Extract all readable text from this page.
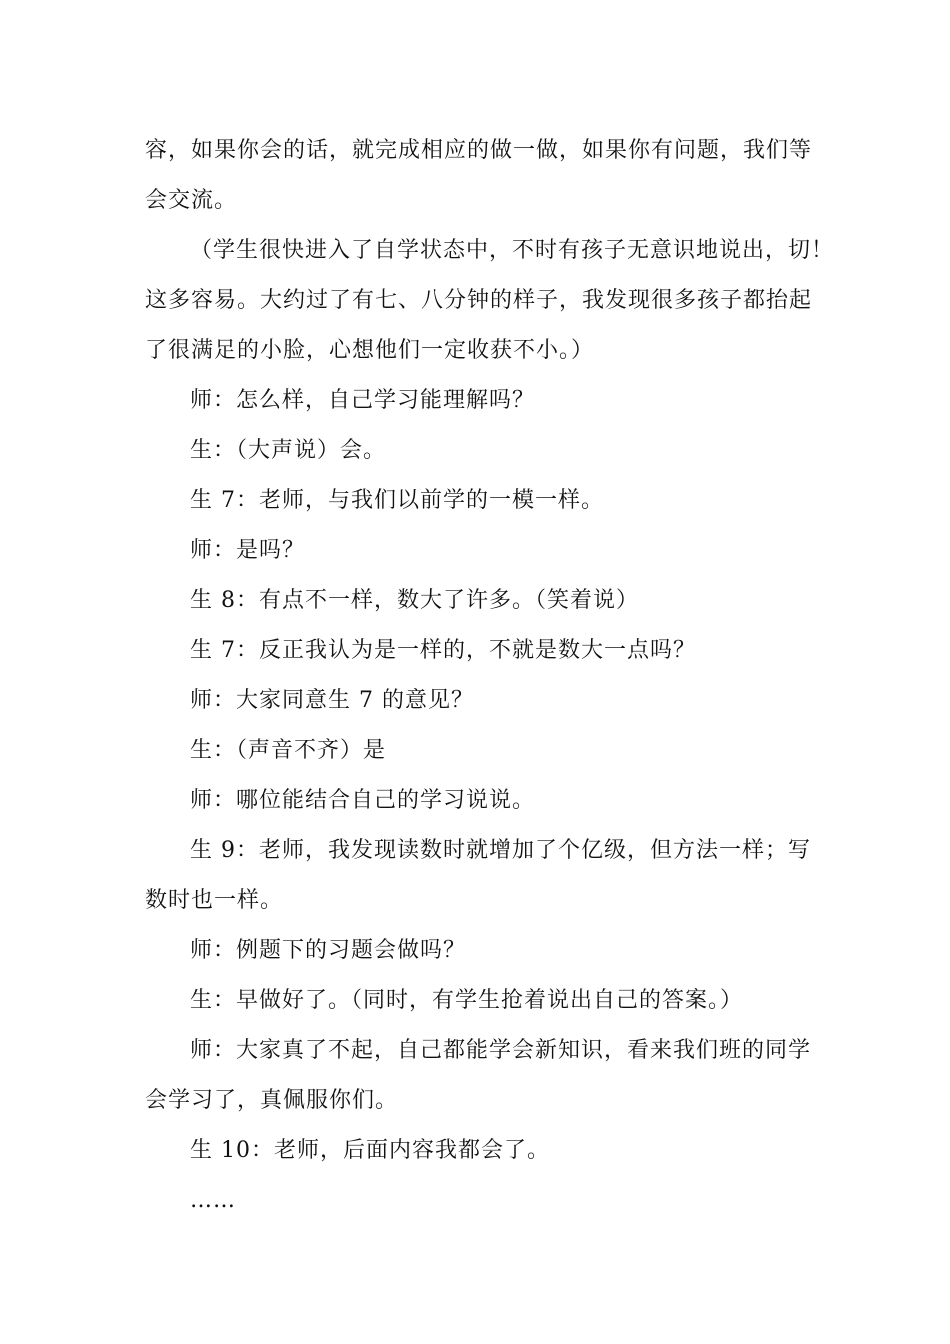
容，如果你会的话，就完成相应的做一做，如果你有问题，我们等
会交流。
（学生很快进入了自学状态中，不时有孩子无意识地说出，切！
这多容易。大约过了有七、八分钟的样子，我发现很多孩子都抬起
了很满足的小脸，心想他们一定收获不小。）
师：怎么样，自己学习能理解吗？
生：（大声说）会。
生 7：老师，与我们以前学的一模一样。
师：是吗？
生 8：有点不一样，数大了许多。（笑着说）
生 7：反正我认为是一样的，不就是数大一点吗？
师：大家同意生 7 的意见？
生：（声音不齐）是
师：哪位能结合自己的学习说说。
生 9：老师，我发现读数时就增加了个亿级，但方法一样；写
数时也一样。
师：例题下的习题会做吗？
生：早做好了。（同时，有学生抢着说出自己的答案。）
师：大家真了不起，自己都能学会新知识，看来我们班的同学
会学习了，真佩服你们。
生 10：老师，后面内容我都会了。
……
